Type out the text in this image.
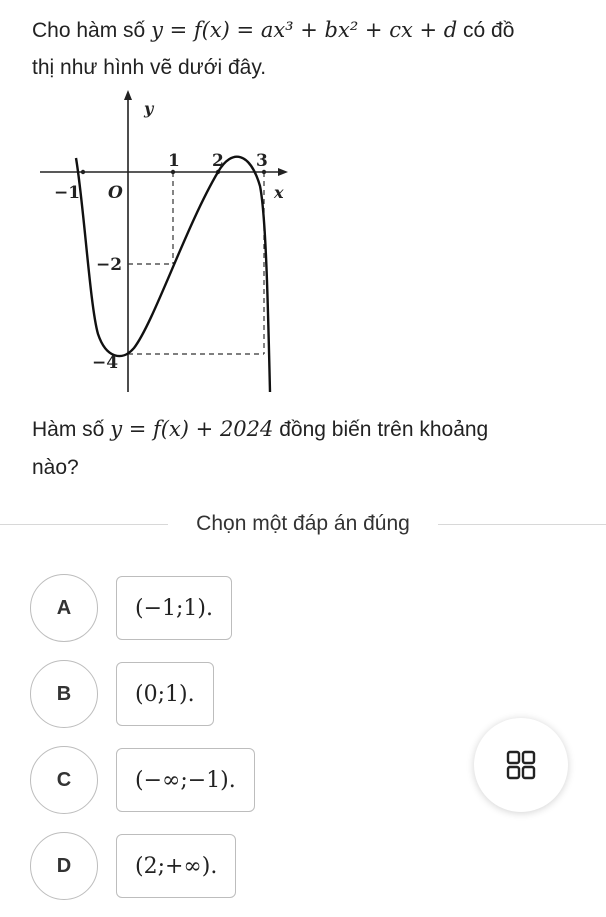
Cho hàm số y = f(x) = ax³ + bx² + cx + d có đồ
thị như hình vẽ dưới đây.
y
x
O
−1
1 2 3
−2
−4
Hàm số y = f(x) + 2024 đồng biến trên khoảng
nào?
Chọn một đáp án đúng
A	(−1;1).
B	(0;1).
C	(−∞;−1).
D	(2;+∞).
